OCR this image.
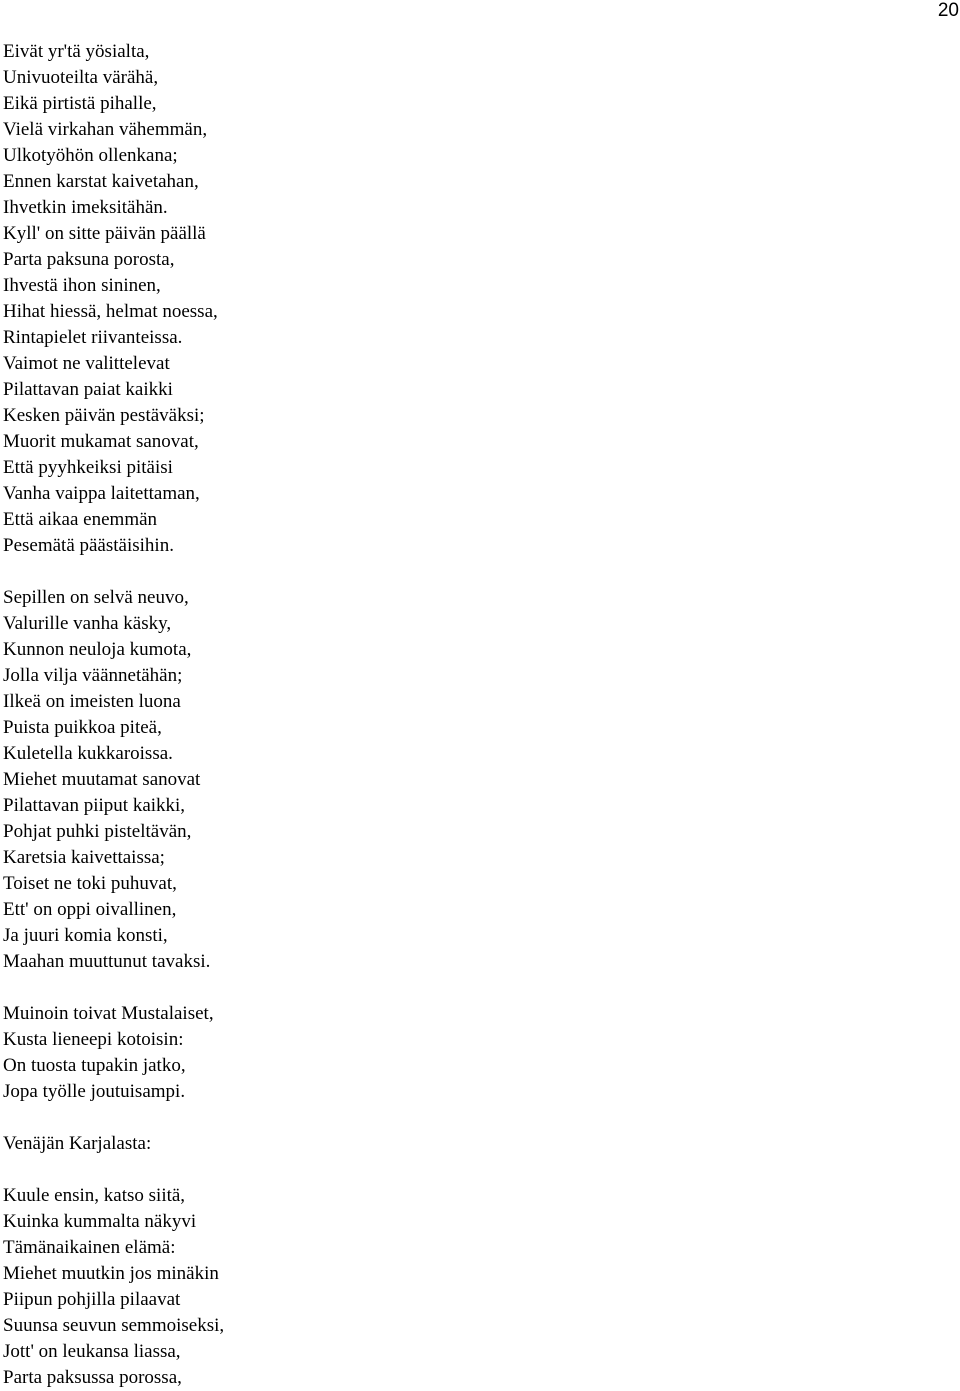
20
Eivät yr'tä yösialta,
Univuoteilta värähä,
Eikä pirtistä pihalle,
Vielä virkahan vähemmän,
Ulkotyöhön ollenkana;
Ennen karstat kaivetahan,
Ihvetkin imeksitähän.
Kyll' on sitte päivän päällä
Parta paksuna porosta,
Ihvestä ihon sininen,
Hihat hiessä, helmat noessa,
Rintapielet riivanteissa.
Vaimot ne valittelevat
Pilattavan paiat kaikki
Kesken päivän pestäväksi;
Muorit mukamat sanovat,
Että pyyhkeiksi pitäisi
Vanha vaippa laitettaman,
Että aikaa enemmän
Pesemätä päästäisihin.
Sepillen on selvä neuvo,
Valurille vanha käsky,
Kunnon neuloja kumota,
Jolla vilja väännetähän;
Ilkeä on imeisten luona
Puista puikkoa piteä,
Kuletella kukkaroissa.
Miehet muutamat sanovat
Pilattavan piiput kaikki,
Pohjat puhki pisteltävän,
Karetsia kaivettaissa;
Toiset ne toki puhuvat,
Ett' on oppi oivallinen,
Ja juuri komia konsti,
Maahan muuttunut tavaksi.
Muinoin toivat Mustalaiset,
Kusta lieneepi kotoisin:
On tuosta tupakin jatko,
Jopa työlle joutuisampi.
Venäjän Karjalasta:
Kuule ensin, katso siitä,
Kuinka kummalta näkyvi
Tämänaikainen elämä:
Miehet muutkin jos minäkin
Piipun pohjilla pilaavat
Suunsa seuvun semmoiseksi,
Jott' on leukansa liassa,
Parta paksussa porossa,
